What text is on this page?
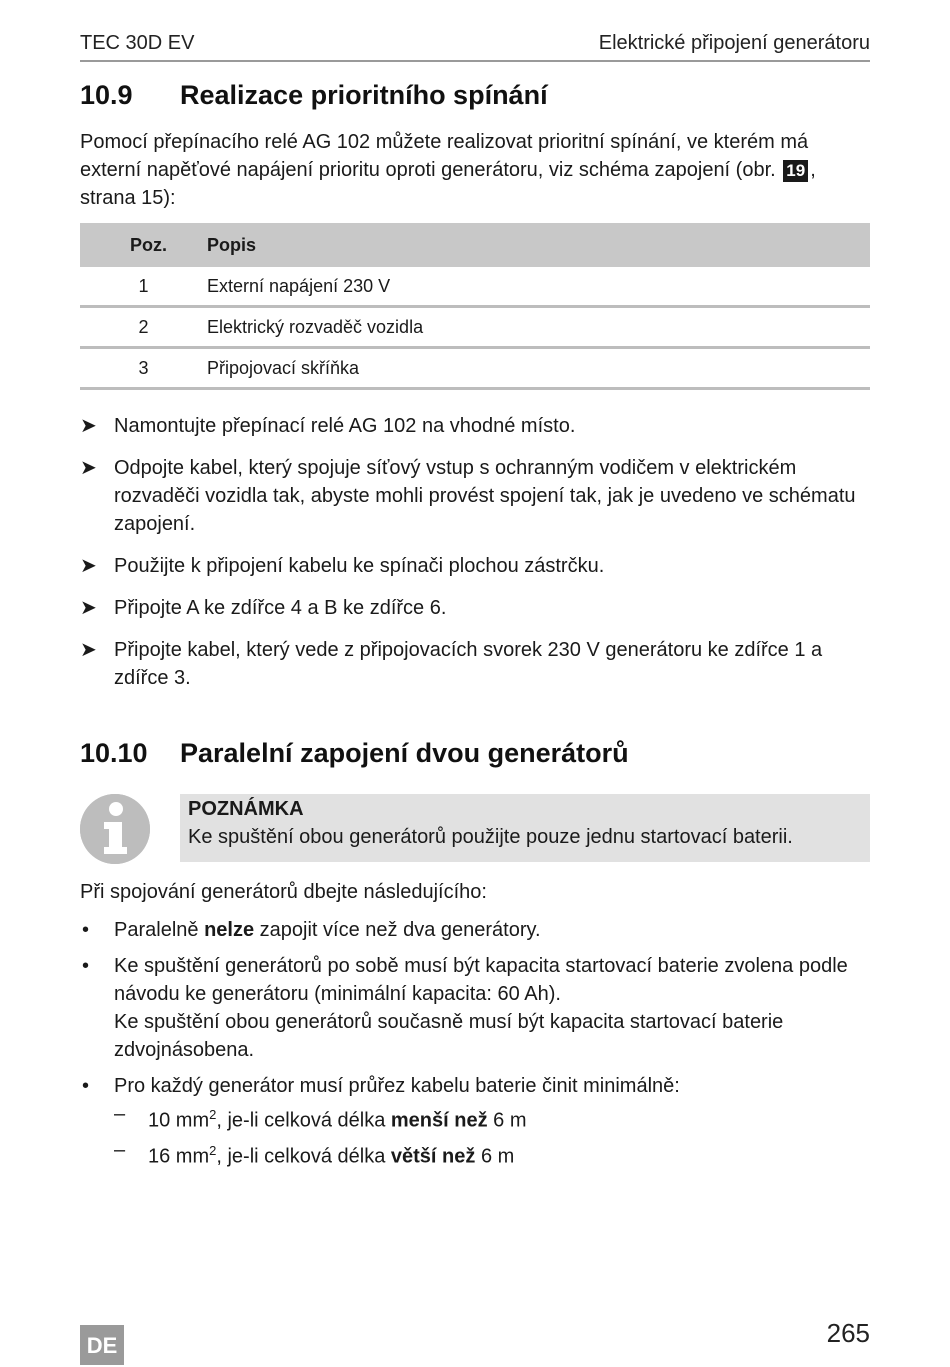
TEC 30D EV	Elektrické připojení generátoru
10.9 Realizace prioritního spínání
Pomocí přepínacího relé AG 102 můžete realizovat prioritní spínání, ve kterém má externí napěťové napájení prioritu oproti generátoru, viz schéma zapojení (obr. 19 , strana 15):
Poz.	Popis
1	Externí napájení 230 V
2	Elektrický rozvaděč vozidla
3	Připojovací skříňka
➤ Namontujte přepínací relé AG 102 na vhodné místo.
➤ Odpojte kabel, který spojuje síťový vstup s ochranným vodičem v elektrickém rozvaděči vozidla tak, abyste mohli provést spojení tak, jak je uvedeno ve schématu zapojení.
➤ Použijte k připojení kabelu ke spínači plochou zástrčku.
➤ Připojte A ke zdířce 4 a B ke zdířce 6.
➤ Připojte kabel, který vede z připojovacích svorek 230 V generátoru ke zdířce 1 a zdířce 3.
10.10 Paralelní zapojení dvou generátorů
POZNÁMKA
Ke spuštění obou generátorů použijte pouze jednu startovací baterii.
Při spojování generátorů dbejte následujícího:
• Paralelně nelze zapojit více než dva generátory.
• Ke spuštění generátorů po sobě musí být kapacita startovací baterie zvolena podle návodu ke generátoru (minimální kapacita: 60 Ah).
Ke spuštění obou generátorů současně musí být kapacita startovací baterie zdvojnásobena.
• Pro každý generátor musí průřez kabelu baterie činit minimálně:
– 10 $mm^2$, je-li celková délka menší než 6 m
– 16 $mm^2$, je-li celková délka větší než 6 m
DE	265
